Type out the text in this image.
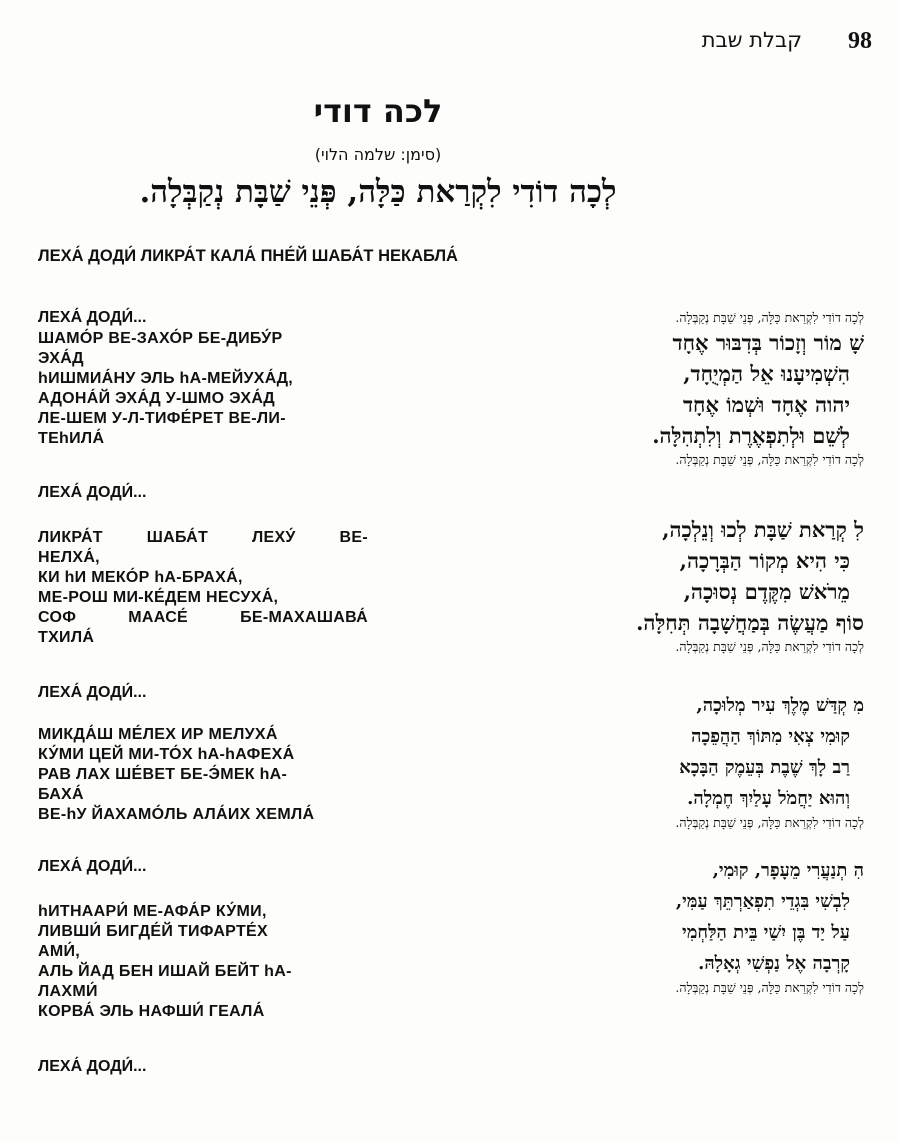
98
קבלת שבת
לכה דודי
(סימן: שלמה הלוי)
לְכָה דוֹדִי לִקְרַאת כַּלָּה, פְּנֵי שַׁבָּת נְקַבְּלָה.
ЛЕХА́ ДОДИ́ ЛИКРА́Т КАЛА́ ПНЕ́Й ШАБА́Т НЕКАБЛА́
ЛЕХА́ ДОДИ́...
ШАМО́Р ВЕ-ЗАХО́Р БЕ-ДИБУ́Р
ЭХА́Д
hИШМИА́НУ ЭЛЬ hА-МЕЙУХА́Д,
АДОНА́Й ЭХА́Д У-ШМО ЭХА́Д
ЛЕ-ШЕМ У-Л-ТИФЕ́РЕТ ВЕ-ЛИ-
ТЕhИЛА́
ЛЕХА́ ДОДИ́...
לְכָה דוֹדִי לִקְרַאת כַּלָּה, פְּנֵי שַׁבָּת נְקַבְּלָה.
שָׁ מוֹר וְזָכוֹר בְּדִבּוּר אֶחָד
הִשְׁמִיעָנוּ אֵל הַמְיֻחָד,
יהוה אֶחָד וּשְׁמוֹ אֶחָד
לְשֵׁם וּלְתִפְאֶרֶת וְלִתְהִלָּה.
לְכָה דוֹדִי לִקְרַאת כַּלָּה, פְּנֵי שַׁבָּת נְקַבְּלָה.
ЛИКРА́Т ШАБА́Т ЛЕХУ́ ВЕ-
НЕЛХА́,
КИ hИ МЕКО́Р hА-БРАХА́,
МЕ-РОШ МИ-КЕ́ДЕМ НЕСУХА́,
СОФ МААСЕ́ БЕ-МАХАШАВА́
ТХИЛА́
ЛЕХА́ ДОДИ́...
לִ קְרַאת שַׁבָּת לְכוּ וְנֵלְכָה,
כִּי הִיא מְקוֹר הַבְּרָכָה,
מֵרֹאשׁ מִקֶּדֶם נְסוּכָה,
סוֹף מַעֲשֶׂה בְּמַחֲשָׁבָה תְּחִלָּה.
לְכָה דוֹדִי לִקְרַאת כַּלָּה, פְּנֵי שַׁבָּת נְקַבְּלָה.
МИКДА́Ш МЕ́ЛЕХ ИР МЕЛУХА́
КУ́МИ ЦЕЙ МИ-ТО́Х hА-hАФЕХА́
РАВ ЛАХ ШЕ́ВЕТ БЕ-Э́МЕК hА-
БАХА́
ВЕ-hУ ЙАХАМО́ЛЬ АЛА́ИХ ХЕМЛА́
ЛЕХА́ ДОДИ́...
מִ קְדַּשׁ מֶלֶךְ עִיר מְלוּכָה,
קוּמִי צְאִי מִתּוֹךְ הַהֲפֵכָה
רַב לָךְ שֶׁבֶת בְּעֵמֶק הַבָּכָא
וְהוּא יַחֲמֹל עָלַיִךְ חֶמְלָה.
לְכָה דוֹדִי לִקְרַאת כַּלָּה, פְּנֵי שַׁבָּת נְקַבְּלָה.
hИТНААРИ́ МЕ-АФА́Р КУ́МИ,
ЛИВШИ́ БИГДЕ́Й ТИФАРТЕ́Х
АМИ́,
АЛЬ ЙАД БЕН ИШАЙ БЕЙТ hА-
ЛАХМИ́
КОРВА́ ЭЛЬ НАФШИ́ ГЕАЛА́
ЛЕХА́ ДОДИ́...
הִ תְנַעֲרִי מֵעָפָר, קוּמִי,
לִבְשִׁי בִּגְדֵי תִפְאַרְתֵּךְ עַמִּי,
עַל יַד בֶּן יִשַׁי בֵּית הַלַּחְמִי
קָרְבָה אֶל נַפְשִׁי גְאָלָהּ.
לְכָה דוֹדִי לִקְרַאת כַּלָּה, פְּנֵי שַׁבָּת נְקַבְּלָה.
